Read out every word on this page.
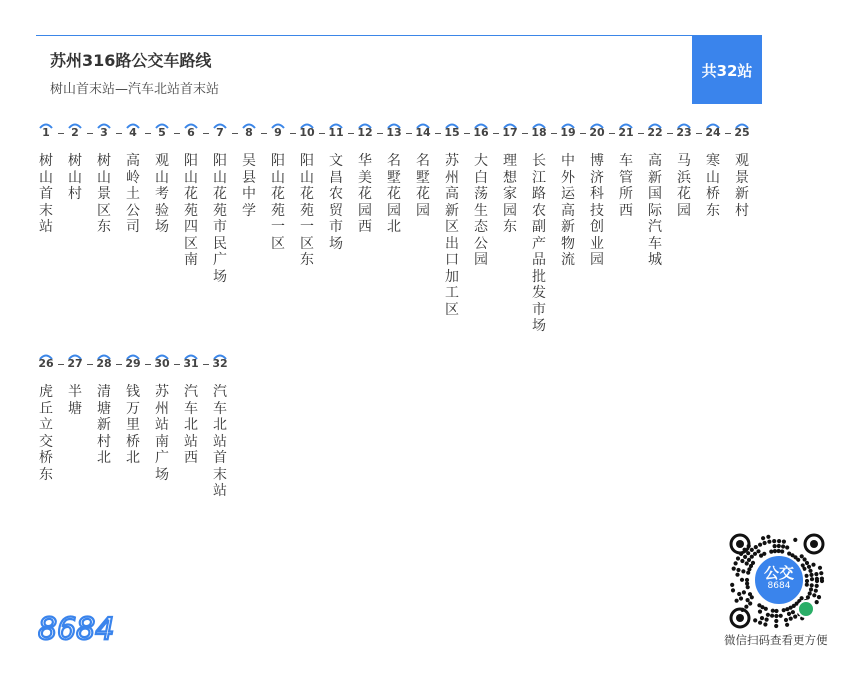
苏州316路公交车路线
树山首末站—汽车北站首末站
共32站
1
树山首末站
2
树山村
3
树山景区东
4
高岭土公司
5
观山考验场
6
阳山花苑四区南
7
阳山花苑市民广场
8
吴县中学
9
阳山花苑一区
10
阳山花苑一区东
11
文昌农贸市场
12
华美花园西
13
名墅花园北
14
名墅花园
15
苏州高新区出口加工区
16
大白荡生态公园
17
理想家园东
18
长江路农副产品批发市场
19
中外运高新物流
20
博济科技创业园
21
车管所西
22
高新国际汽车城
23
马浜花园
24
寒山桥东
25
观景新村
26
虎丘立交桥东
27
半塘
28
清塘新村北
29
钱万里桥北
30
苏州站南广场
31
汽车北站西
32
汽车北站首末站
8684
公交
8684
微信扫码查看更方便
